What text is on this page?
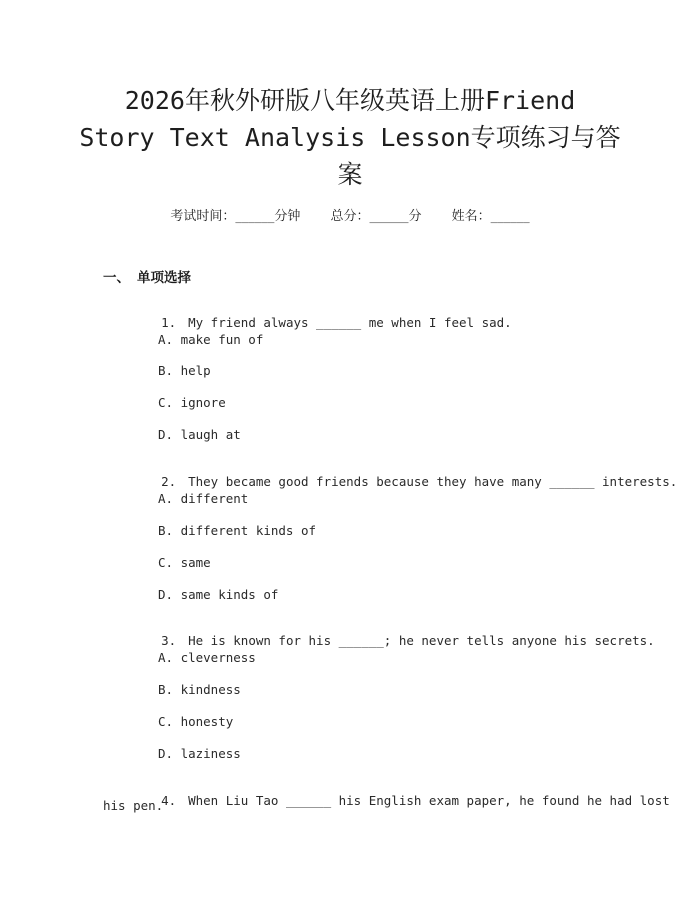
2026年秋外研版八年级英语上册Friend
Story Text Analysis Lesson专项练习与答
案
考试时间：______分钟 总分：______分 姓名：______
一、 单项选择

1. My friend always ______ me when I feel sad.

A. make fun of
B. help
C. ignore
D. laugh at

2. They became good friends because they have many ______ interests.

A. different
B. different kinds of
C. same
D. same kinds of

3. He is known for his ______; he never tells anyone his secrets.

A. cleverness
B. kindness
C. honesty
D. laziness

4. When Liu Tao ______ his English exam paper, he found he had lost

his pen.
